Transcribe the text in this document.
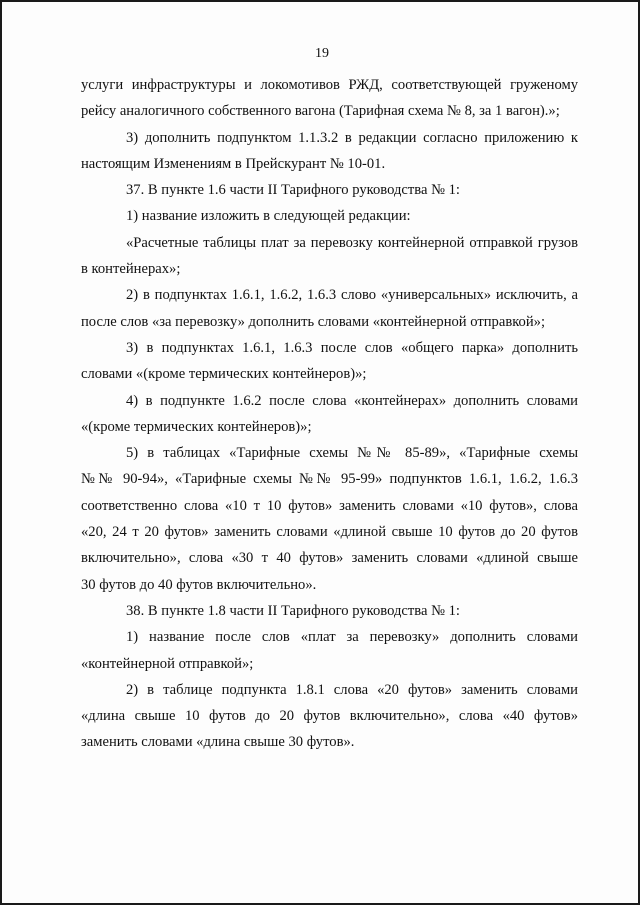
19
услуги инфраструктуры и локомотивов РЖД, соответствующей груженому
рейсу аналогичного собственного вагона (Тарифная схема № 8, за 1 вагон).»;
3) дополнить подпунктом 1.1.3.2 в редакции согласно приложению к
настоящим Изменениям в Прейскурант № 10-01.
37. В пункте 1.6 части II Тарифного руководства № 1:
1) название изложить в следующей редакции:
«Расчетные таблицы плат за перевозку контейнерной отправкой грузов
в контейнерах»;
2) в подпунктах 1.6.1, 1.6.2, 1.6.3 слово «универсальных» исключить, а
после слов «за перевозку» дополнить словами «контейнерной отправкой»;
3) в подпунктах 1.6.1, 1.6.3 после слов «общего парка» дополнить
словами «(кроме термических контейнеров)»;
4) в подпункте 1.6.2 после слова «контейнерах» дополнить словами
«(кроме термических контейнеров)»;
5) в таблицах «Тарифные схемы №№ 85-89», «Тарифные схемы
№№ 90-94», «Тарифные схемы №№ 95-99» подпунктов 1.6.1, 1.6.2, 1.6.3
соответственно слова «10 т 10 футов» заменить словами «10 футов», слова
«20, 24 т 20 футов» заменить словами «длиной свыше 10 футов до 20 футов
включительно», слова «30 т 40 футов» заменить словами «длиной свыше
30 футов до 40 футов включительно».
38. В пункте 1.8 части II Тарифного руководства № 1:
1) название после слов «плат за перевозку» дополнить словами
«контейнерной отправкой»;
2) в таблице подпункта 1.8.1 слова «20 футов» заменить словами
«длина свыше 10 футов до 20 футов включительно», слова «40 футов»
заменить словами «длина свыше 30 футов».
